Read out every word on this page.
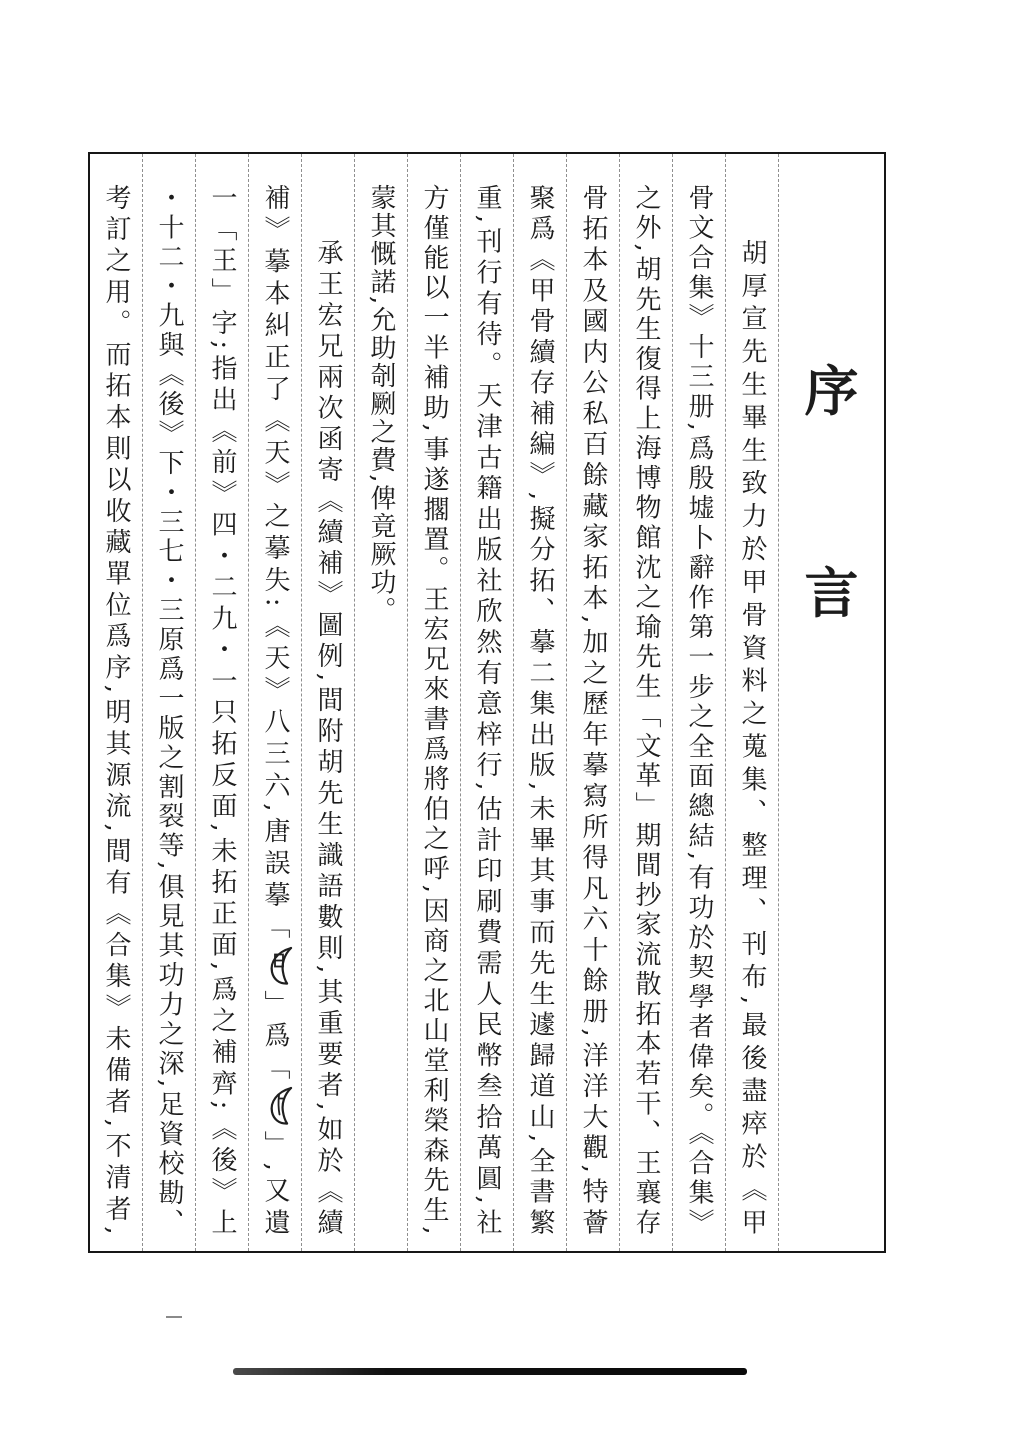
序
言
胡厚宣先生畢生致力於甲骨資料之蒐集、整理、刊布,最後盡瘁於《甲
骨文合集》十三册,爲殷墟卜辭作第一步之全面總結,有功於契學者偉矣。《合集》
之外,胡先生復得上海博物館沈之瑜先生「文革」期間抄家流散拓本若干、王襄存
骨拓本及國内公私百餘藏家拓本,加之歷年摹寫所得凡六十餘册,洋洋大觀,特薈
聚爲《甲骨續存補編》,擬分拓、摹二集出版,未畢其事而先生遽歸道山,全書繁
重,刊行有待。天津古籍出版社欣然有意梓行,估計印刷費需人民幣叁拾萬圓,社
方僅能以一半補助,事遂擱置。王宏兄來書爲將伯之呼,因商之北山堂利榮森先生,
蒙其慨諾,允助剞劂之費,俾竟厥功。
承王宏兄兩次函寄《續補》圖例,間附胡先生識語數則,其重要者,如於《續
補》摹本糾正了《天》之摹失:《天》八三六,唐誤摹「」爲「」,又遺
一「王」字;指出《前》四・二九・一只拓反面,未拓正面,爲之補齊;《後》上
・十二・九與《後》下・三七・三原爲一版之割裂等,俱見其功力之深,足資校勘、
考訂之用。而拓本則以收藏單位爲序,明其源流,間有《合集》未備者,不清者,
